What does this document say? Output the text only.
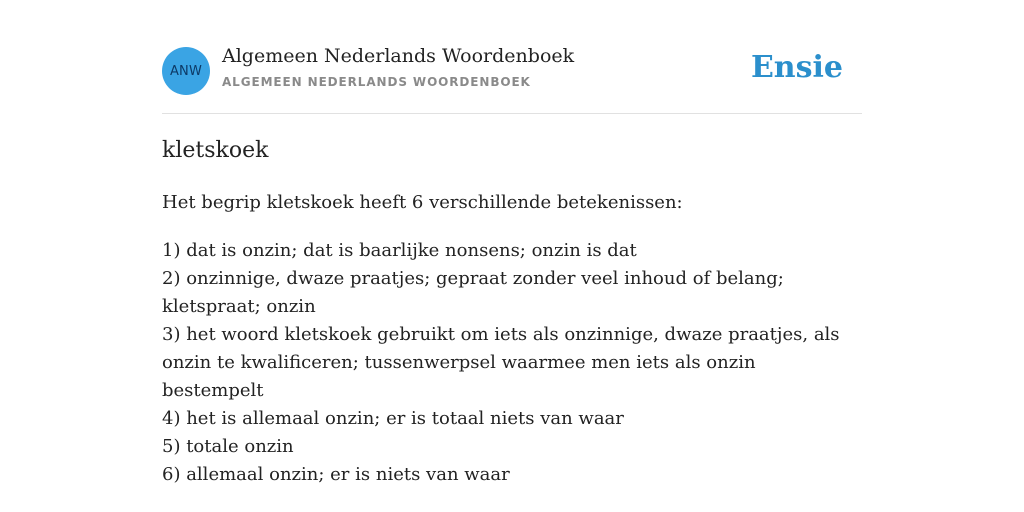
ANW
Algemeen Nederlands Woordenboek
ALGEMEEN NEDERLANDS WOORDENBOEK	Ensie
kletskoek
Het begrip kletskoek heeft 6 verschillende betekenissen:
1) dat is onzin; dat is baarlijke nonsens; onzin is dat
2) onzinnige, dwaze praatjes; gepraat zonder veel inhoud of belang; kletspraat; onzin
3) het woord kletskoek gebruikt om iets als onzinnige, dwaze praatjes, als onzin te kwalificeren; tussenwerpsel waarmee men iets als onzin bestempelt
4) het is allemaal onzin; er is totaal niets van waar
5) totale onzin
6) allemaal onzin; er is niets van waar
